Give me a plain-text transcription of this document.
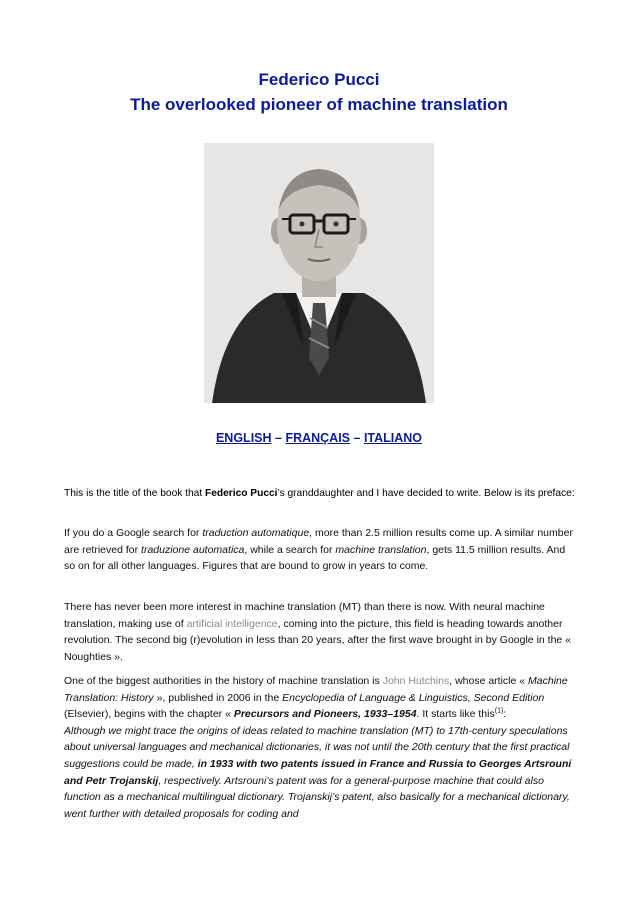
Federico Pucci
The overlooked pioneer of machine translation
ENGLISH – FRANÇAIS – ITALIANO

This is the title of the book that Federico Pucci’s granddaughter and I have decided to write. Below is its preface:

If you do a Google search for traduction automatique, more than 2.5 million results come up. A similar number are retrieved for traduzione automatica, while a search for machine translation, gets 11.5 million results. And so on for all other languages. Figures that are bound to grow in years to come.

There has never been more interest in machine translation (MT) than there is now. With neural machine translation, making use of artificial intelligence, coming into the picture, this field is heading towards another revolution. The second big (r)evolution in less than 20 years, after the first wave brought in by Google in the « Noughties ».

One of the biggest authorities in the history of machine translation is John Hutchins, whose article « Machine Translation: History », published in 2006 in the Encyclopedia of Language & Linguistics, Second Edition (Elsevier), begins with the chapter « Precursors and Pioneers, 1933–1954. It starts like this$^{(1)}$:
Although we might trace the origins of ideas related to machine translation (MT) to 17th-century speculations about universal languages and mechanical dictionaries, it was not until the 20th century that the first practical suggestions could be made, in 1933 with two patents issued in France and Russia to Georges Artsrouni and Petr Trojanskij, respectively. Artsrouni’s patent was for a general-purpose machine that could also function as a mechanical multilingual dictionary. Trojanskij’s patent, also basically for a mechanical dictionary, went further with detailed proposals for coding and
